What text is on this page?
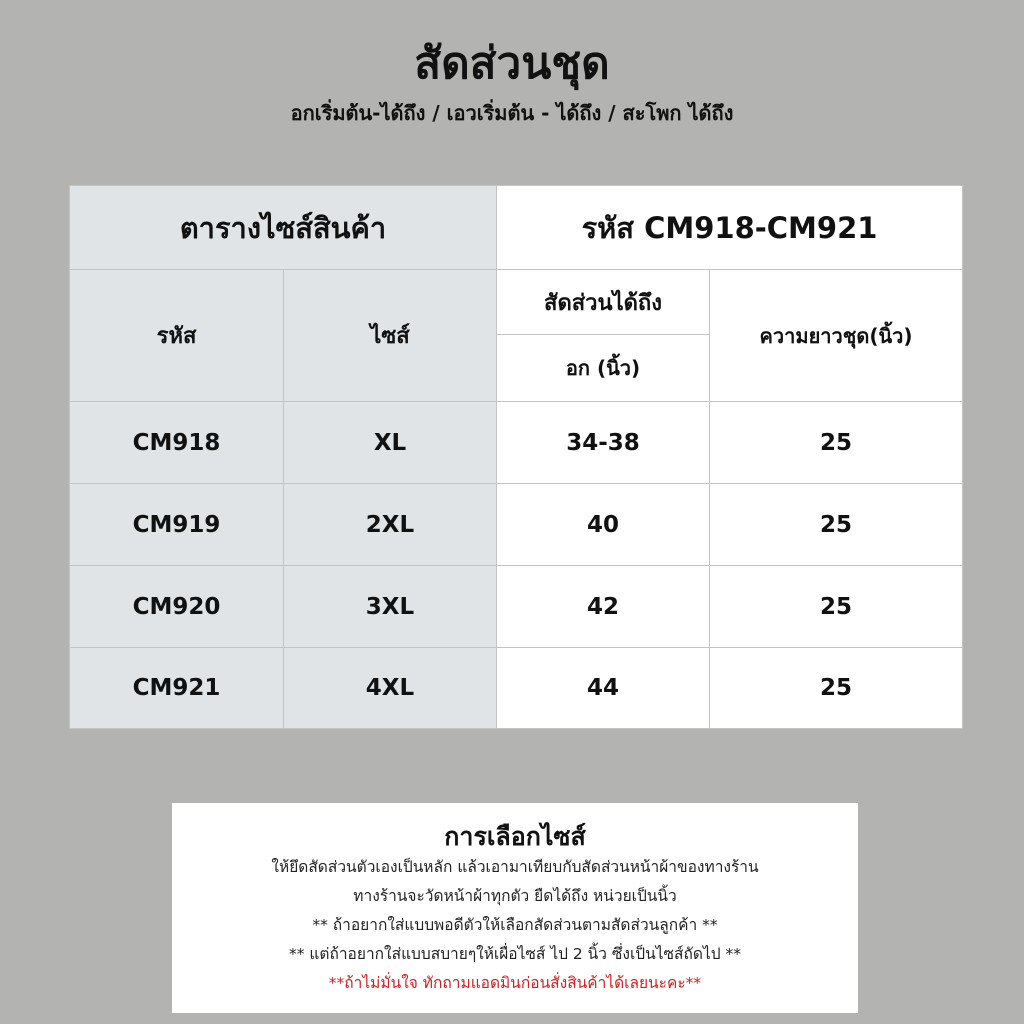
สัดส่วนชุด
อกเริ่มต้น-ได้ถึง / เอวเริ่มต้น - ได้ถึง / สะโพก ได้ถึง
ตารางไซส์สินค้า		รหัส CM918-CM921	
รหัส	ไซส์	สัดส่วนได้ถึง	ความยาวชุด(นิ้ว)
		อก (นิ้ว)	
CM918	XL	34-38	25
CM919	2XL	40	25
CM920	3XL	42	25
CM921	4XL	44	25
การเลือกไซส์
ให้ยึดสัดส่วนตัวเองเป็นหลัก แล้วเอามาเทียบกับสัดส่วนหน้าผ้าของทางร้าน
ทางร้านจะวัดหน้าผ้าทุกตัว ยืดได้ถึง หน่วยเป็นนิ้ว
** ถ้าอยากใส่แบบพอดีตัวให้เลือกสัดส่วนตามสัดส่วนลูกค้า **
** แต่ถ้าอยากใส่แบบสบายๆให้เผื่อไซส์ ไป 2 นิ้ว ซึ่งเป็นไซส์ถัดไป **
**ถ้าไม่มั่นใจ ทักถามแอดมินก่อนสั่งสินค้าได้เลยนะคะ**
